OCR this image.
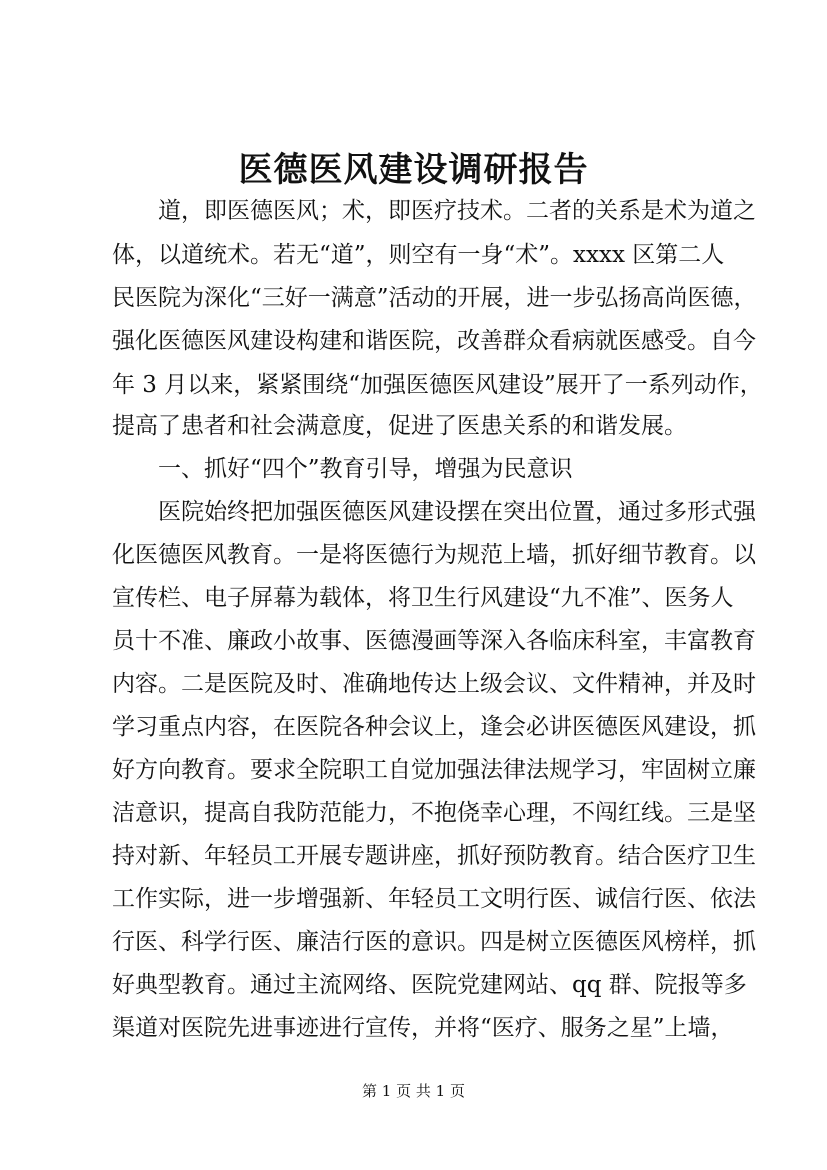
医德医风建设调研报告

道，即医德医风；术，即医疗技术。二者的关系是术为道之

体，以道统术。若无“道”，则空有一身“术”。xxxx 区第二人

民医院为深化“三好一满意”活动的开展，进一步弘扬高尚医德，

强化医德医风建设构建和谐医院，改善群众看病就医感受。自今

年 3 月以来，紧紧围绕“加强医德医风建设”展开了一系列动作，

提高了患者和社会满意度，促进了医患关系的和谐发展。

一、抓好“四个”教育引导，增强为民意识

医院始终把加强医德医风建设摆在突出位置，通过多形式强

化医德医风教育。一是将医德行为规范上墙，抓好细节教育。以

宣传栏、电子屏幕为载体，将卫生行风建设“九不准”、医务人

员十不准、廉政小故事、医德漫画等深入各临床科室，丰富教育

内容。二是医院及时、准确地传达上级会议、文件精神，并及时

学习重点内容，在医院各种会议上，逢会必讲医德医风建设，抓

好方向教育。要求全院职工自觉加强法律法规学习，牢固树立廉

洁意识，提高自我防范能力，不抱侥幸心理，不闯红线。三是坚

持对新、年轻员工开展专题讲座，抓好预防教育。结合医疗卫生

工作实际，进一步增强新、年轻员工文明行医、诚信行医、依法

行医、科学行医、廉洁行医的意识。四是树立医德医风榜样，抓

好典型教育。通过主流网络、医院党建网站、qq 群、院报等多

渠道对医院先进事迹进行宣传，并将“医疗、服务之星”上墙，

第 1 页 共 1 页
